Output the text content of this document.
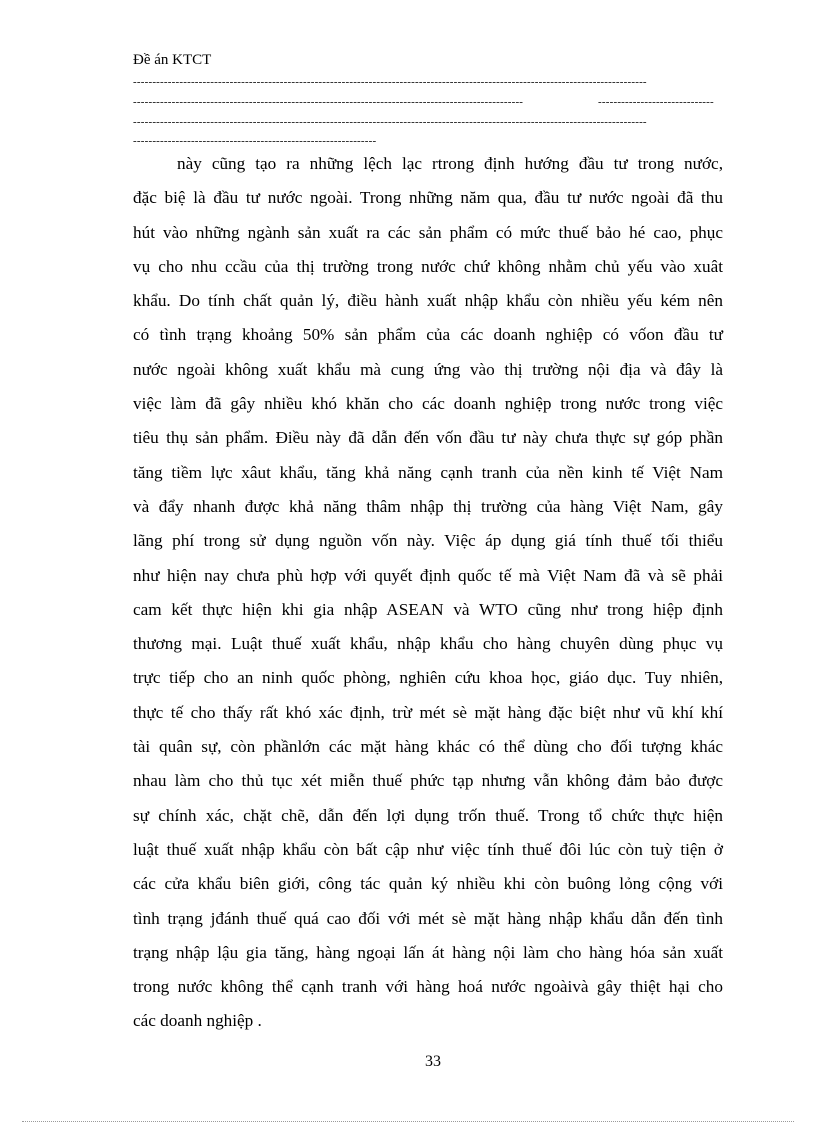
Đề án KTCT
-------------------------------------------------------------------------------------------------------------------------------------
-----------------------------------------------------------------------------------------------------	------------------------------
-------------------------------------------------------------------------------------------------------------------------------------
---------------------------------------------------------------
này cũng tạo ra những lệch lạc rtrong định hướng đầu tư trong nước,
đặc biệ là đầu tư nước ngoài. Trong những năm qua, đầu tư nước ngoài đã thu
hút vào những ngành sản xuất ra các sản phẩm có mức thuế bảo hé cao, phục
vụ cho nhu ccầu của thị trường trong nước chứ không nhằm chủ yếu vào xuât
khẩu. Do tính chất quản lý, điều hành xuất nhập khẩu còn nhiều yếu kém nên
có tình trạng khoảng 50% sản phẩm của các doanh nghiệp có vốon đầu tư
nước ngoài không xuất khẩu mà cung ứng vào thị trường nội địa và đây là
việc làm đã gây nhiều khó khăn cho các doanh nghiệp trong nước trong việc
tiêu thụ sản phẩm. Điều này đã dẫn đến vốn đầu tư này chưa thực sự góp phần
tăng tiềm lực xâut khẩu, tăng khả năng cạnh tranh của nền kinh tế Việt Nam
và đẩy nhanh được khả năng thâm nhập thị trường của hàng Việt Nam, gây
lãng phí trong sử dụng nguồn vốn này. Việc áp dụng giá tính thuế tối thiểu
như hiện nay chưa phù hợp với quyết định quốc tế mà Việt Nam đã và sẽ phải
cam kết thực hiện khi gia nhập ASEAN và WTO cũng như trong hiệp định
thương mại. Luật thuế xuất khẩu, nhập khẩu cho hàng chuyên dùng phục vụ
trực tiếp cho an ninh quốc phòng, nghiên cứu khoa học, giáo dục. Tuy nhiên,
thực tế cho thấy rất khó xác định, trừ mét sè mặt hàng đặc biệt như vũ khí khí
tài quân sự, còn phầnlớn các mặt hàng khác có thể dùng cho đối tượng khác
nhau làm cho thủ tục xét miễn thuế phức tạp nhưng vẫn không đảm bảo được
sự chính xác, chặt chẽ, dẫn đến lợi dụng trốn thuế. Trong tổ chức thực hiện
luật thuế xuất nhập khẩu còn bất cập như việc tính thuế đôi lúc còn tuỳ tiện ở
các cửa khẩu biên giới, công tác quản ký nhiều khi còn buông lỏng cộng với
tình trạng jđánh thuế quá cao đối với mét sè mặt hàng nhập khẩu dẫn đến tình
trạng nhập lậu gia tăng, hàng ngoại lấn át hàng nội làm cho hàng hóa sản xuất
trong nước không thể cạnh tranh với hàng hoá nước ngoàivà gây thiệt hại cho
các doanh nghiệp .
33
